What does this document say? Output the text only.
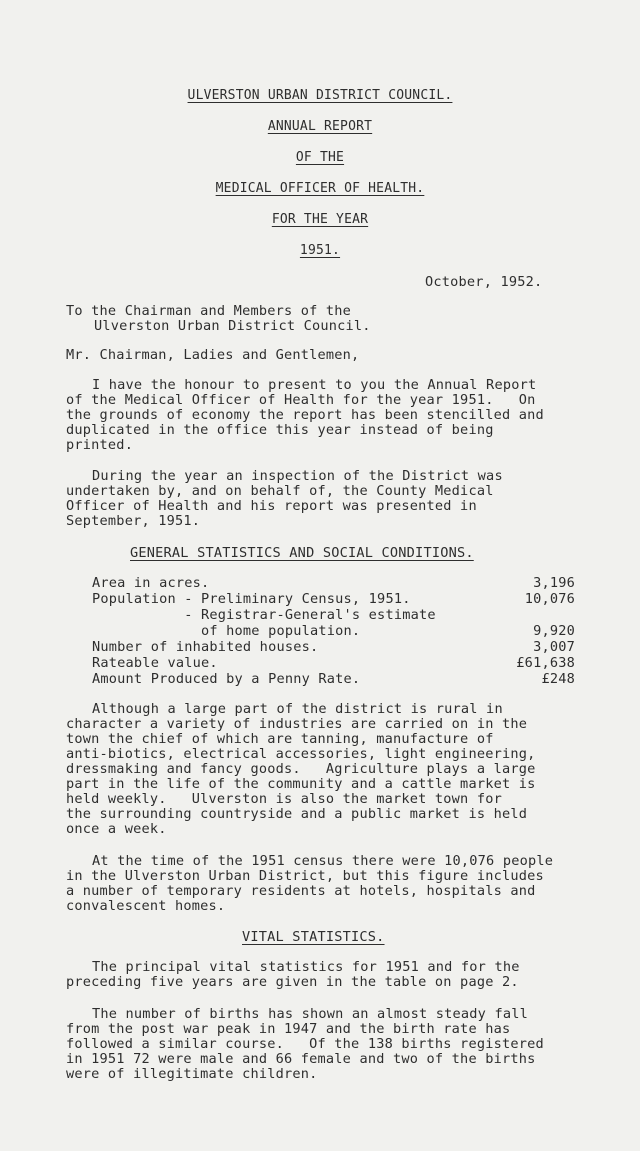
ULVERSTON URBAN DISTRICT COUNCIL.
ANNUAL REPORT
OF THE
MEDICAL OFFICER OF HEALTH.
FOR THE YEAR
1951.
October, 1952.
To the Chairman and Members of the
Ulverston Urban District Council.
Mr. Chairman, Ladies and Gentlemen,
I have the honour to present to you the Annual Report
of the Medical Officer of Health for the year 1951.   On
the grounds of economy the report has been stencilled and
duplicated in the office this year instead of being
printed.
During the year an inspection of the District was
undertaken by, and on behalf of, the County Medical
Officer of Health and his report was presented in
September, 1951.
GENERAL STATISTICS AND SOCIAL CONDITIONS.
Area in acres.	3,196
Population - Preliminary Census, 1951.	10,076
- Registrar-General's estimate
of home population.	9,920
Number of inhabited houses.	3,007
Rateable value.	£61,638
Amount Produced by a Penny Rate.	£248
Although a large part of the district is rural in
character a variety of industries are carried on in the
town the chief of which are tanning, manufacture of
anti-biotics, electrical accessories, light engineering,
dressmaking and fancy goods.   Agriculture plays a large
part in the life of the community and a cattle market is
held weekly.   Ulverston is also the market town for
the surrounding countryside and a public market is held
once a week.
At the time of the 1951 census there were 10,076 people
in the Ulverston Urban District, but this figure includes
a number of temporary residents at hotels, hospitals and
convalescent homes.
VITAL STATISTICS.
The principal vital statistics for 1951 and for the
preceding five years are given in the table on page 2.
The number of births has shown an almost steady fall
from the post war peak in 1947 and the birth rate has
followed a similar course.   Of the 138 births registered
in 1951 72 were male and 66 female and two of the births
were of illegitimate children.
